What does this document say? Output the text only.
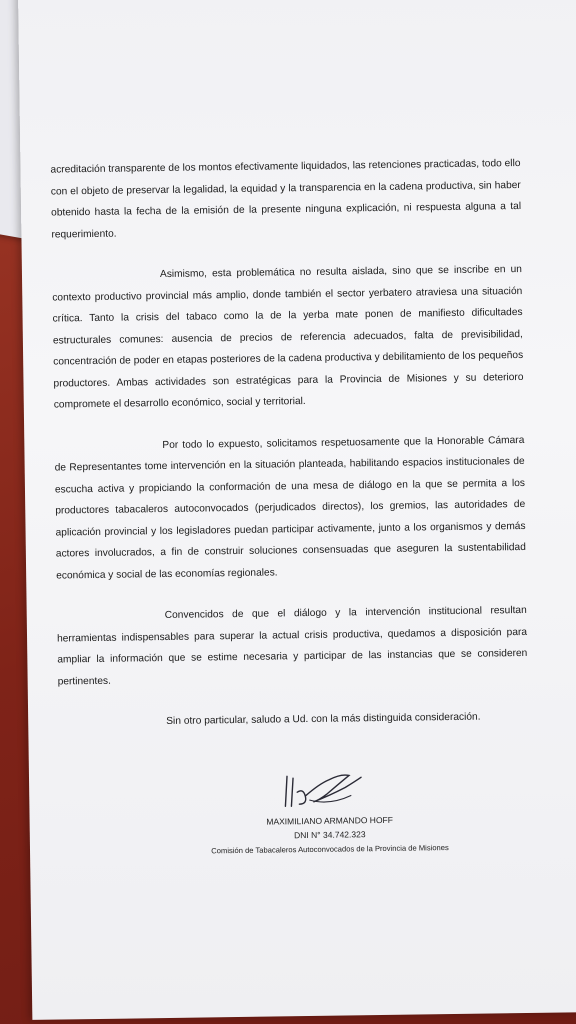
acreditación transparente de los montos efectivamente liquidados, las retenciones practicadas, todo ello con el objeto de preservar la legalidad, la equidad y la transparencia en la cadena productiva, sin haber obtenido hasta la fecha de la emisión de la presente ninguna explicación, ni respuesta alguna a tal requerimiento.

Asimismo, esta problemática no resulta aislada, sino que se inscribe en un contexto productivo provincial más amplio, donde también el sector yerbatero atraviesa una situación crítica. Tanto la crisis del tabaco como la de la yerba mate ponen de manifiesto dificultades estructurales comunes: ausencia de precios de referencia adecuados, falta de previsibilidad, concentración de poder en etapas posteriores de la cadena productiva y debilitamiento de los pequeños productores. Ambas actividades son estratégicas para la Provincia de Misiones y su deterioro compromete el desarrollo económico, social y territorial.

Por todo lo expuesto, solicitamos respetuosamente que la Honorable Cámara de Representantes tome intervención en la situación planteada, habilitando espacios institucionales de escucha activa y propiciando la conformación de una mesa de diálogo en la que se permita a los productores tabacaleros autoconvocados (perjudicados directos), los gremios, las autoridades de aplicación provincial y los legisladores puedan participar activamente, junto a los organismos y demás actores involucrados, a fin de construir soluciones consensuadas que aseguren la sustentabilidad económica y social de las economías regionales.

Convencidos de que el diálogo y la intervención institucional resultan herramientas indispensables para superar la actual crisis productiva, quedamos a disposición para ampliar la información que se estime necesaria y participar de las instancias que se consideren pertinentes.

Sin otro particular, saludo a Ud. con la más distinguida consideración.

MAXIMILIANO ARMANDO HOFF
DNI N° 34.742.323
Comisión de Tabacaleros Autoconvocados de la Provincia de Misiones
